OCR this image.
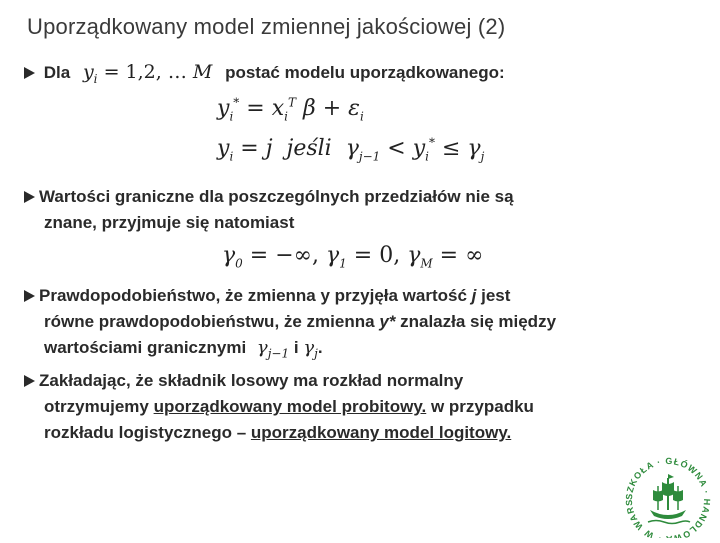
Uporządkowany model zmiennej jakościowej (2)
Dla $y_i = 1,2$, … M postać modelu uporządkowanego:
$y_i^* = x_i^T$ $\beta + \varepsilon_i$
$y_i = j$  jeśli  $\gamma_{j-1} < y_i^* \le \gamma_j$
Wartości graniczne dla poszczególnych przedziałów nie są
znane, przyjmuje się natomiast
$\gamma_0$ = −∞, $\gamma_1 = 0$, $\gamma_M$ = ∞
Prawdopodobieństwo, że zmienna y przyjęła wartość j jest
równe prawdopodobieństwu, że zmienna y* znalazła się między
wartościami granicznymi $\gamma_{j-1}$ i $\gamma_j$.
Zakładając, że składnik losowy ma rozkład normalny
otrzymujemy uporządkowany model probitowy. w przypadku
rozkładu logistycznego – uporządkowany model logitowy.
SZKOŁA · GŁÓWNA · HANDLOW · W WARS
